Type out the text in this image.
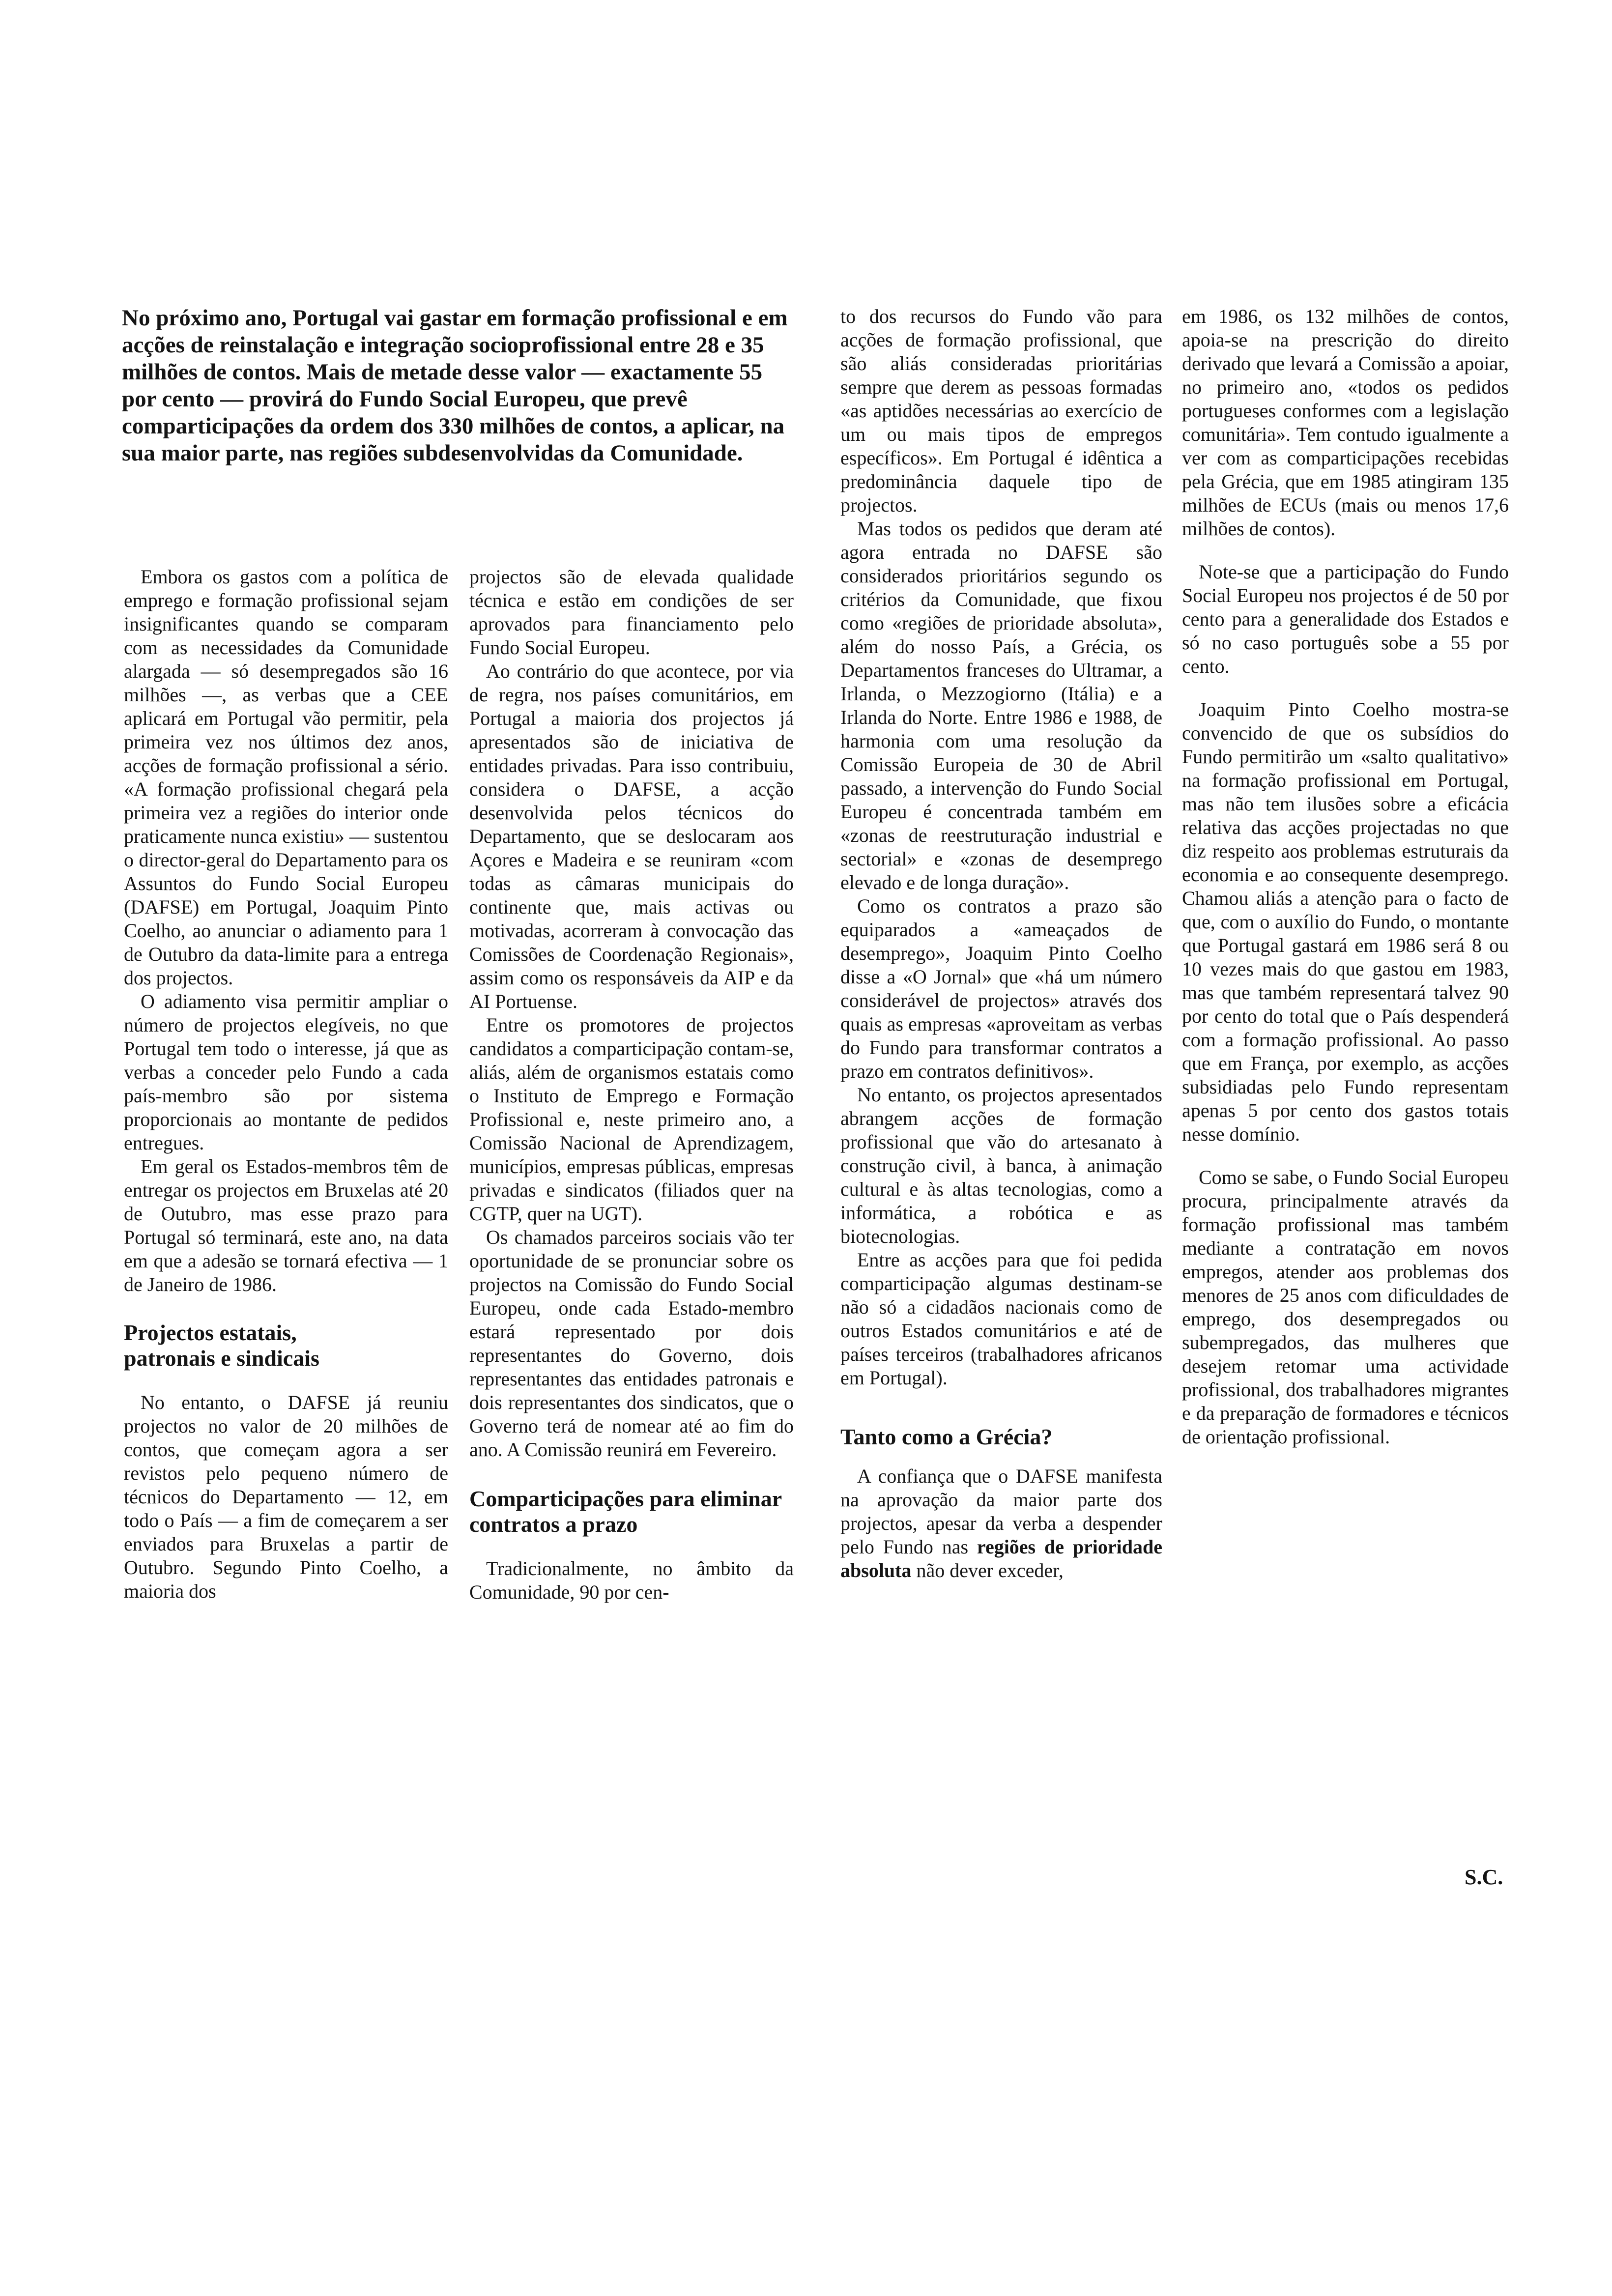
No próximo ano, Portugal vai gastar em formação profissional e em acções de reinstalação e integração socioprofissional entre 28 e 35 milhões de contos. Mais de metade desse valor — exactamente 55 por cento — provirá do Fundo Social Europeu, que prevê comparticipações da ordem dos 330 milhões de contos, a aplicar, na sua maior parte, nas regiões subdesenvolvidas da Comunidade.

Embora os gastos com a política de emprego e formação profissional sejam insignificantes quando se comparam com as necessidades da Comunidade alargada — só desempregados são 16 milhões —, as verbas que a CEE aplicará em Portugal vão permitir, pela primeira vez nos últimos dez anos, acções de formação profissional a sério. «A formação profissional chegará pela primeira vez a regiões do interior onde praticamente nunca existiu» — sustentou o director-geral do Departamento para os Assuntos do Fundo Social Europeu (DAFSE) em Portugal, Joaquim Pinto Coelho, ao anunciar o adiamento para 1 de Outubro da data-limite para a entrega dos projectos.

O adiamento visa permitir ampliar o número de projectos elegíveis, no que Portugal tem todo o interesse, já que as verbas a conceder pelo Fundo a cada país-membro são por sistema proporcionais ao montante de pedidos entregues.

Em geral os Estados-membros têm de entregar os projectos em Bruxelas até 20 de Outubro, mas esse prazo para Portugal só terminará, este ano, na data em que a adesão se tornará efectiva — 1 de Janeiro de 1986.

Projectos estatais, patronais e sindicais

No entanto, o DAFSE já reuniu projectos no valor de 20 milhões de contos, que começam agora a ser revistos pelo pequeno número de técnicos do Departamento — 12, em todo o País — a fim de começarem a ser enviados para Bruxelas a partir de Outubro. Segundo Pinto Coelho, a maioria dos

projectos são de elevada qualidade técnica e estão em condições de ser aprovados para financiamento pelo Fundo Social Europeu.

Ao contrário do que acontece, por via de regra, nos países comunitários, em Portugal a maioria dos projectos já apresentados são de iniciativa de entidades privadas. Para isso contribuiu, considera o DAFSE, a acção desenvolvida pelos técnicos do Departamento, que se deslocaram aos Açores e Madeira e se reuniram «com todas as câmaras municipais do continente que, mais activas ou motivadas, acorreram à convocação das Comissões de Coordenação Regionais», assim como os responsáveis da AIP e da AI Portuense.

Entre os promotores de projectos candidatos a comparticipação contam-se, aliás, além de organismos estatais como o Instituto de Emprego e Formação Profissional e, neste primeiro ano, a Comissão Nacional de Aprendizagem, municípios, empresas públicas, empresas privadas e sindicatos (filiados quer na CGTP, quer na UGT).

Os chamados parceiros sociais vão ter oportunidade de se pronunciar sobre os projectos na Comissão do Fundo Social Europeu, onde cada Estado-membro estará representado por dois representantes do Governo, dois representantes das entidades patronais e dois representantes dos sindicatos, que o Governo terá de nomear até ao fim do ano. A Comissão reunirá em Fevereiro.

Comparticipações para eliminar contratos a prazo

Tradicionalmente, no âmbito da Comunidade, 90 por cen-

to dos recursos do Fundo vão para acções de formação profissional, que são aliás consideradas prioritárias sempre que derem as pessoas formadas «as aptidões necessárias ao exercício de um ou mais tipos de empregos específicos». Em Portugal é idêntica a predominância daquele tipo de projectos.

Mas todos os pedidos que deram até agora entrada no DAFSE são considerados prioritários segundo os critérios da Comunidade, que fixou como «regiões de prioridade absoluta», além do nosso País, a Grécia, os Departamentos franceses do Ultramar, a Irlanda, o Mezzogiorno (Itália) e a Irlanda do Norte. Entre 1986 e 1988, de harmonia com uma resolução da Comissão Europeia de 30 de Abril passado, a intervenção do Fundo Social Europeu é concentrada também em «zonas de reestruturação industrial e sectorial» e «zonas de desemprego elevado e de longa duração».

Como os contratos a prazo são equiparados a «ameaçados de desemprego», Joaquim Pinto Coelho disse a «O Jornal» que «há um número considerável de projectos» através dos quais as empresas «aproveitam as verbas do Fundo para transformar contratos a prazo em contratos definitivos».

No entanto, os projectos apresentados abrangem acções de formação profissional que vão do artesanato à construção civil, à banca, à animação cultural e às altas tecnologias, como a informática, a robótica e as biotecnologias.

Entre as acções para que foi pedida comparticipação algumas destinam-se não só a cidadãos nacionais como de outros Estados comunitários e até de países terceiros (trabalhadores africanos em Portugal).

Tanto como a Grécia?

A confiança que o DAFSE manifesta na aprovação da maior parte dos projectos, apesar da verba a despender pelo Fundo nas regiões de prioridade absoluta não dever exceder,

em 1986, os 132 milhões de contos, apoia-se na prescrição do direito derivado que levará a Comissão a apoiar, no primeiro ano, «todos os pedidos portugueses conformes com a legislação comunitária». Tem contudo igualmente a ver com as comparticipações recebidas pela Grécia, que em 1985 atingiram 135 milhões de ECUs (mais ou menos 17,6 milhões de contos).

Note-se que a participação do Fundo Social Europeu nos projectos é de 50 por cento para a generalidade dos Estados e só no caso português sobe a 55 por cento.

Joaquim Pinto Coelho mostra-se convencido de que os subsídios do Fundo permitirão um «salto qualitativo» na formação profissional em Portugal, mas não tem ilusões sobre a eficácia relativa das acções projectadas no que diz respeito aos problemas estruturais da economia e ao consequente desemprego. Chamou aliás a atenção para o facto de que, com o auxílio do Fundo, o montante que Portugal gastará em 1986 será 8 ou 10 vezes mais do que gastou em 1983, mas que também representará talvez 90 por cento do total que o País despenderá com a formação profissional. Ao passo que em França, por exemplo, as acções subsidiadas pelo Fundo representam apenas 5 por cento dos gastos totais nesse domínio.

Como se sabe, o Fundo Social Europeu procura, principalmente através da formação profissional mas também mediante a contratação em novos empregos, atender aos problemas dos menores de 25 anos com dificuldades de emprego, dos desempregados ou subempregados, das mulheres que desejem retomar uma actividade profissional, dos trabalhadores migrantes e da preparação de formadores e técnicos de orientação profissional.

S.C.
